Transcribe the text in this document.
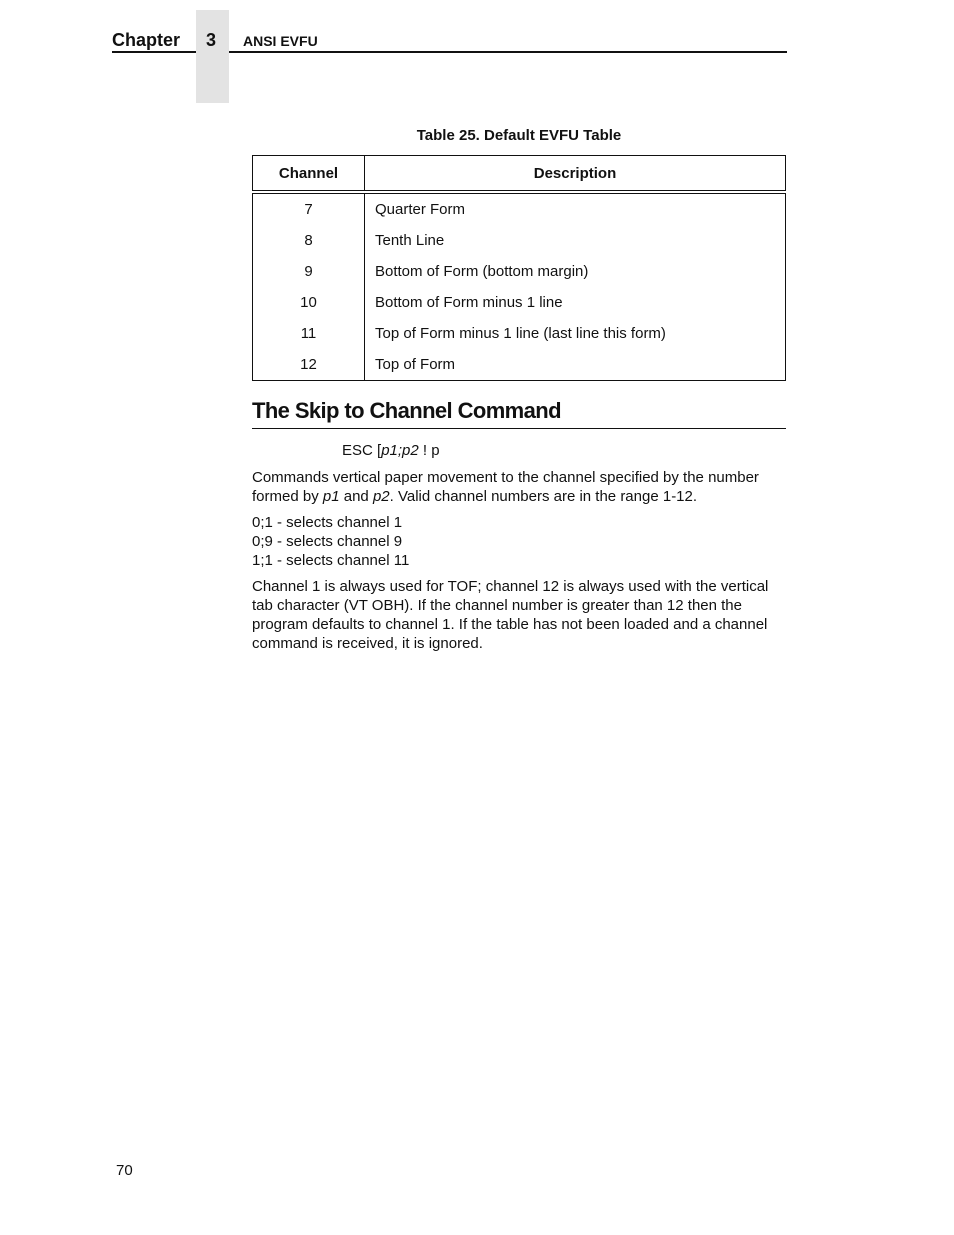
Chapter	3	ANSI EVFU
Table 25. Default EVFU Table
Channel	Description
7	Quarter Form
8	Tenth Line
9	Bottom of Form (bottom margin)
10	Bottom of Form minus 1 line
11	Top of Form minus 1 line (last line this form)
12	Top of Form
The Skip to Channel Command
ESC [p1;p2 ! p

Commands vertical paper movement to the channel specified by the number formed by p1 and p2. Valid channel numbers are in the range 1-12.

0;1 - selects channel 1
0;9 - selects channel 9
1;1 - selects channel 11

Channel 1 is always used for TOF; channel 12 is always used with the vertical tab character (VT OBH). If the channel number is greater than 12 then the program defaults to channel 1. If the table has not been loaded and a channel command is received, it is ignored.

70
